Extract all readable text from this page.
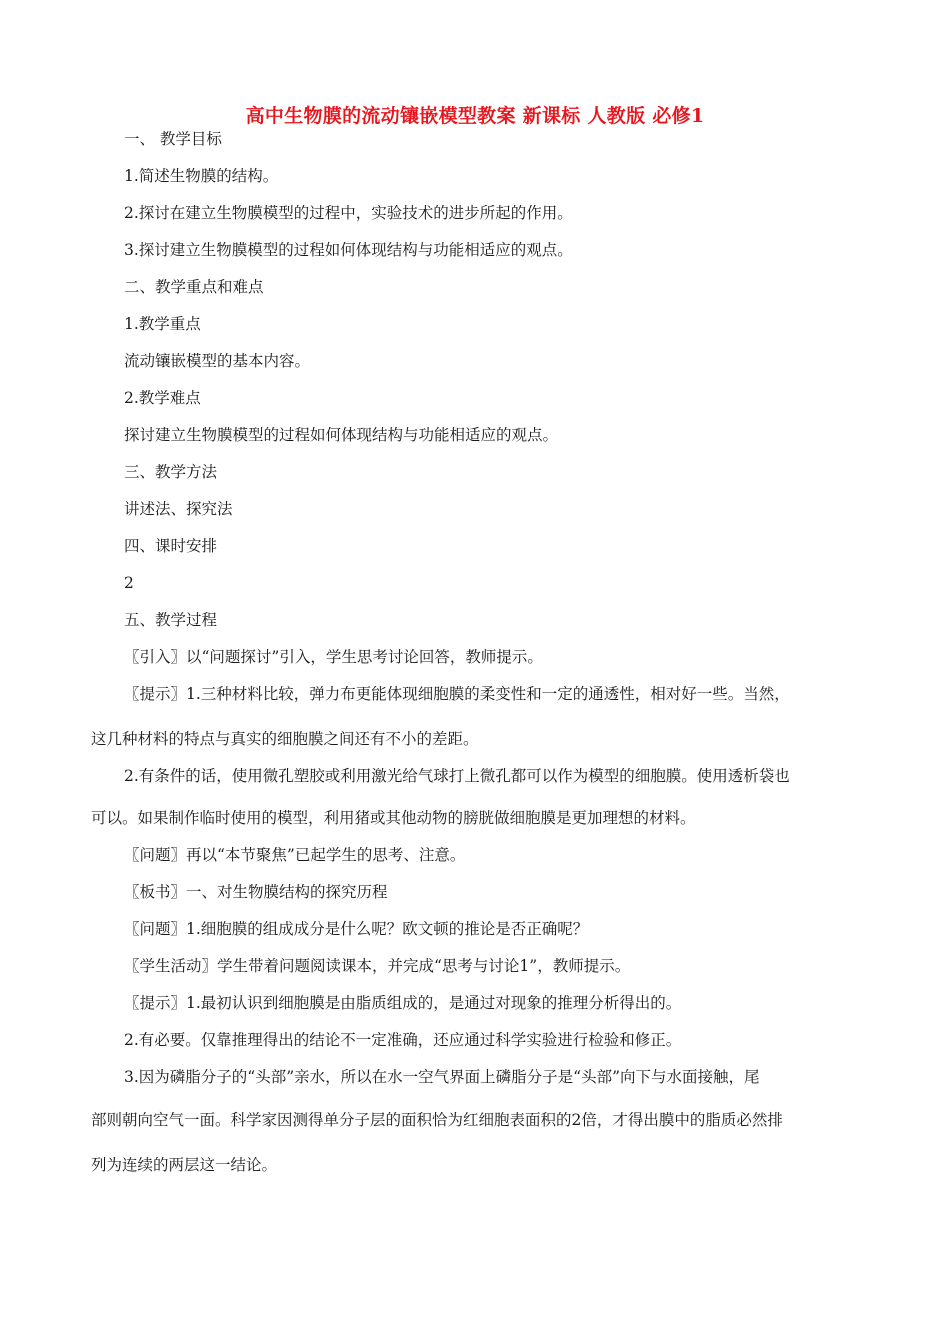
高中生物膜的流动镶嵌模型教案 新课标 人教版 必修1
一、 教学目标
1.简述生物膜的结构。
2.探讨在建立生物膜模型的过程中，实验技术的进步所起的作用。
3.探讨建立生物膜模型的过程如何体现结构与功能相适应的观点。
二、教学重点和难点
1.教学重点
流动镶嵌模型的基本内容。
2.教学难点
探讨建立生物膜模型的过程如何体现结构与功能相适应的观点。
三、教学方法
讲述法、探究法
四、课时安排
2
五、教学过程
〖引入〗以“问题探讨”引入，学生思考讨论回答，教师提示。
〖提示〗1.三种材料比较，弹力布更能体现细胞膜的柔变性和一定的通透性，相对好一些。当然，
这几种材料的特点与真实的细胞膜之间还有不小的差距。
2.有条件的话，使用微孔塑胶或利用激光给气球打上微孔都可以作为模型的细胞膜。使用透析袋也
可以。如果制作临时使用的模型，利用猪或其他动物的膀胱做细胞膜是更加理想的材料。
〖问题〗再以“本节聚焦”已起学生的思考、注意。
〖板书〗一、对生物膜结构的探究历程
〖问题〗1.细胞膜的组成成分是什么呢？欧文顿的推论是否正确呢？
〖学生活动〗学生带着问题阅读课本，并完成“思考与讨论1”，教师提示。
〖提示〗1.最初认识到细胞膜是由脂质组成的，是通过对现象的推理分析得出的。
2.有必要。仅靠推理得出的结论不一定准确，还应通过科学实验进行检验和修正。
3.因为磷脂分子的“头部”亲水，所以在水一空气界面上磷脂分子是“头部”向下与水面接触，尾
部则朝向空气一面。科学家因测得单分子层的面积恰为红细胞表面积的2倍，才得出膜中的脂质必然排
列为连续的两层这一结论。
